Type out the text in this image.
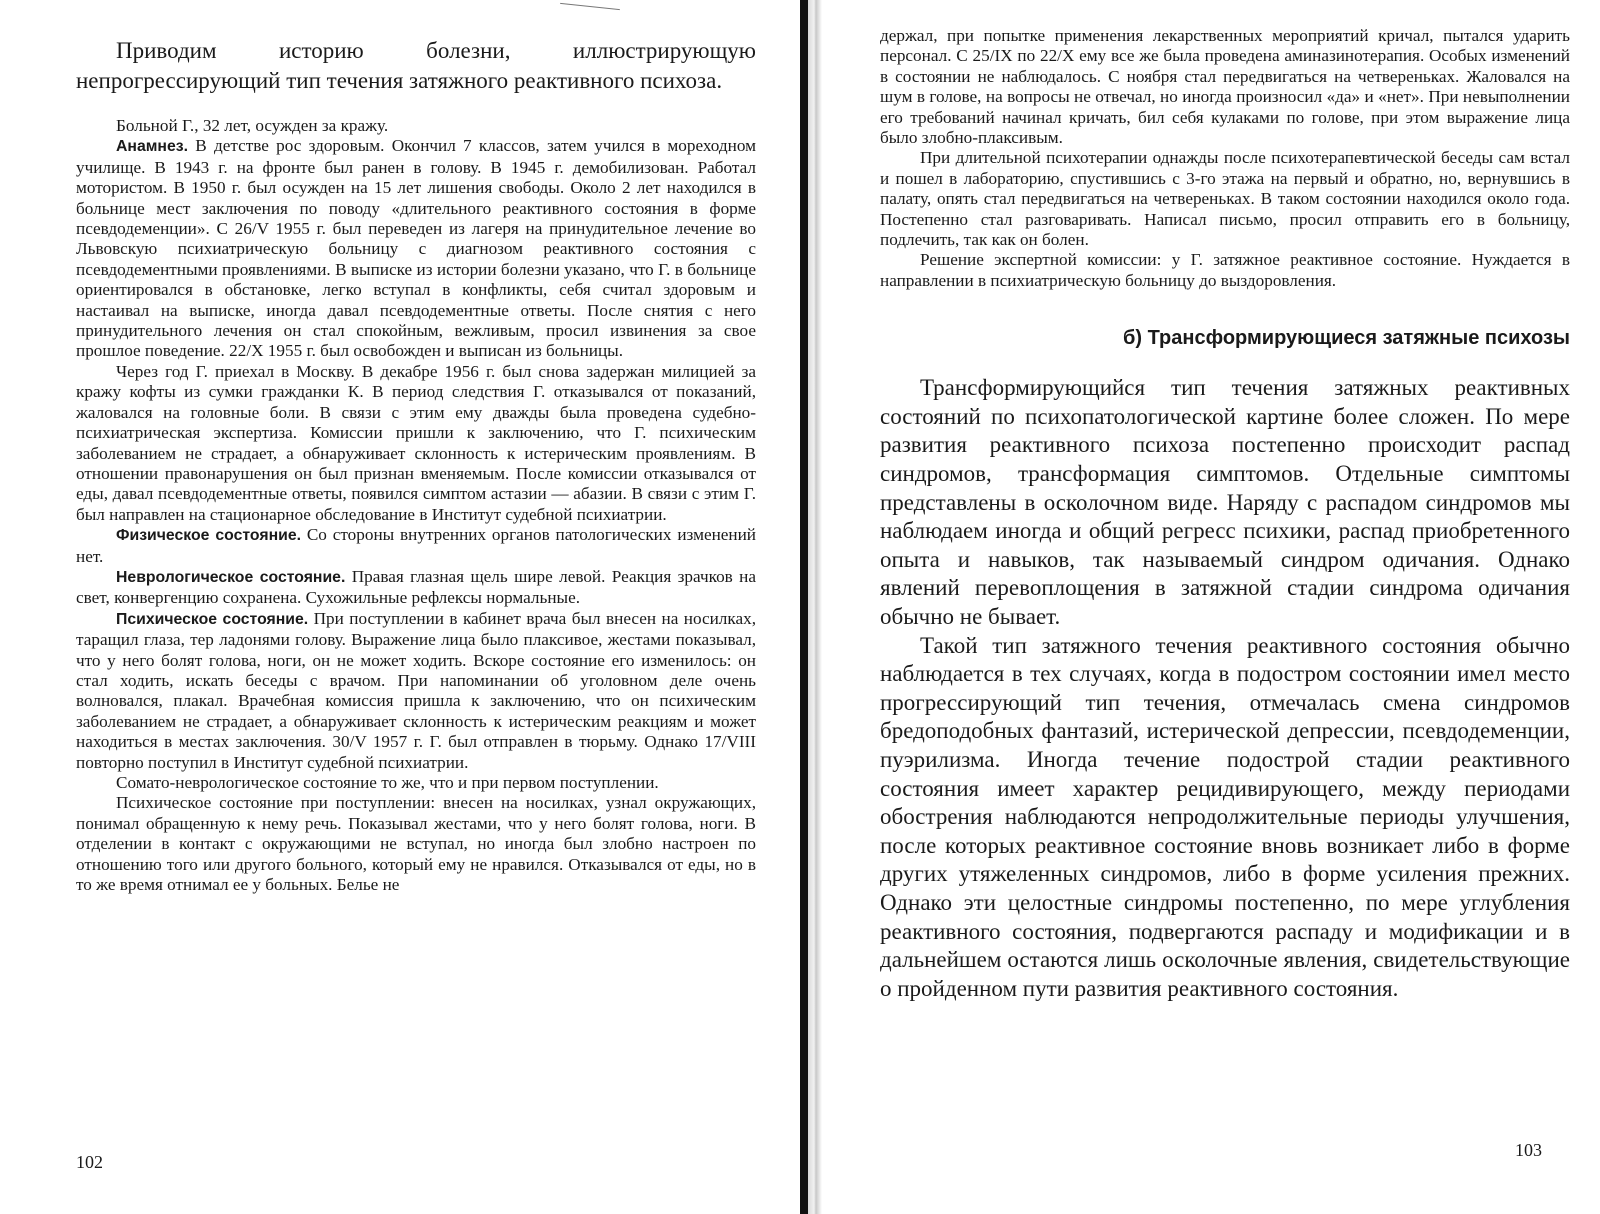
Приводим историю болезни, иллюстрирующую непрогрессирующий тип течения затяжного реактивного психоза.

Больной Г., 32 лет, осужден за кражу.

Анамнез. В детстве рос здоровым. Окончил 7 классов, затем учился в мореходном училище. В 1943 г. на фронте был ранен в голову. В 1945 г. демобилизован. Работал мотористом. В 1950 г. был осужден на 15 лет лишения свободы. Около 2 лет находился в больнице мест заключения по поводу «длительного реактивного состояния в форме псевдодеменции». С 26/V 1955 г. был переведен из лагеря на принудительное лечение во Львовскую психиатрическую больницу с диагнозом реактивного состояния с псевдодементными проявлениями. В выписке из истории болезни указано, что Г. в больнице ориентировался в обстановке, легко вступал в конфликты, себя считал здоровым и настаивал на выписке, иногда давал псевдодементные ответы. После снятия с него принудительного лечения он стал спокойным, вежливым, просил извинения за свое прошлое поведение. 22/X 1955 г. был освобожден и выписан из больницы.

Через год Г. приехал в Москву. В декабре 1956 г. был снова задержан милицией за кражу кофты из сумки гражданки К. В период следствия Г. отказывался от показаний, жаловался на головные боли. В связи с этим ему дважды была проведена судебно-психиатрическая экспертиза. Комиссии пришли к заключению, что Г. психическим заболеванием не страдает, а обнаруживает склонность к истерическим проявлениям. В отношении правонарушения он был признан вменяемым. После комиссии отказывался от еды, давал псевдодементные ответы, появился симптом астазии — абазии. В связи с этим Г. был направлен на стационарное обследование в Институт судебной психиатрии.

Физическое состояние. Со стороны внутренних органов патологических изменений нет.

Неврологическое состояние. Правая глазная щель шире левой. Реакция зрачков на свет, конвергенцию сохранена. Сухожильные рефлексы нормальные.

Психическое состояние. При поступлении в кабинет врача был внесен на носилках, таращил глаза, тер ладонями голову. Выражение лица было плаксивое, жестами показывал, что у него болят голова, ноги, он не может ходить. Вскоре состояние его изменилось: он стал ходить, искать беседы с врачом. При напоминании об уголовном деле очень волновался, плакал. Врачебная комиссия пришла к заключению, что он психическим заболеванием не страдает, а обнаруживает склонность к истерическим реакциям и может находиться в местах заключения. 30/V 1957 г. Г. был отправлен в тюрьму. Однако 17/VIII повторно поступил в Институт судебной психиатрии.

Сомато-неврологическое состояние то же, что и при первом поступлении.

Психическое состояние при поступлении: внесен на носилках, узнал окружающих, понимал обращенную к нему речь. Показывал жестами, что у него болят голова, ноги. В отделении в контакт с окружающими не вступал, но иногда был злобно настроен по отношению того или другого больного, который ему не нравился. Отказывался от еды, но в то же время отнимал ее у больных. Белье не

102

держал, при попытке применения лекарственных мероприятий кричал, пытался ударить персонал. С 25/IX по 22/X ему все же была проведена аминазинотерапия. Особых изменений в состоянии не наблюдалось. С ноября стал передвигаться на четвереньках. Жаловался на шум в голове, на вопросы не отвечал, но иногда произносил «да» и «нет». При невыполнении его требований начинал кричать, бил себя кулаками по голове, при этом выражение лица было злобно-плаксивым.

При длительной психотерапии однажды после психотерапевтической беседы сам встал и пошел в лабораторию, спустившись с 3-го этажа на первый и обратно, но, вернувшись в палату, опять стал передвигаться на четвереньках. В таком состоянии находился около года. Постепенно стал разговаривать. Написал письмо, просил отправить его в больницу, подлечить, так как он болен.

Решение экспертной комиссии: у Г. затяжное реактивное состояние. Нуждается в направлении в психиатрическую больницу до выздоровления.

б) Трансформирующиеся затяжные психозы

Трансформирующийся тип течения затяжных реактивных состояний по психопатологической картине более сложен. По мере развития реактивного психоза постепенно происходит распад синдромов, трансформация симптомов. Отдельные симптомы представлены в осколочном виде. Наряду с распадом синдромов мы наблюдаем иногда и общий регресс психики, распад приобретенного опыта и навыков, так называемый синдром одичания. Однако явлений перевоплощения в затяжной стадии синдрома одичания обычно не бывает.

Такой тип затяжного течения реактивного состояния обычно наблюдается в тех случаях, когда в подостром состоянии имел место прогрессирующий тип течения, отмечалась смена синдромов бредоподобных фантазий, истерической депрессии, псевдодеменции, пуэрилизма. Иногда течение подострой стадии реактивного состояния имеет характер рецидивирующего, между периодами обострения наблюдаются непродолжительные периоды улучшения, после которых реактивное состояние вновь возникает либо в форме других утяжеленных синдромов, либо в форме усиления прежних. Однако эти целостные синдромы постепенно, по мере углубления реактивного состояния, подвергаются распаду и модификации и в дальнейшем остаются лишь осколочные явления, свидетельствующие о пройденном пути развития реактивного состояния.

103
